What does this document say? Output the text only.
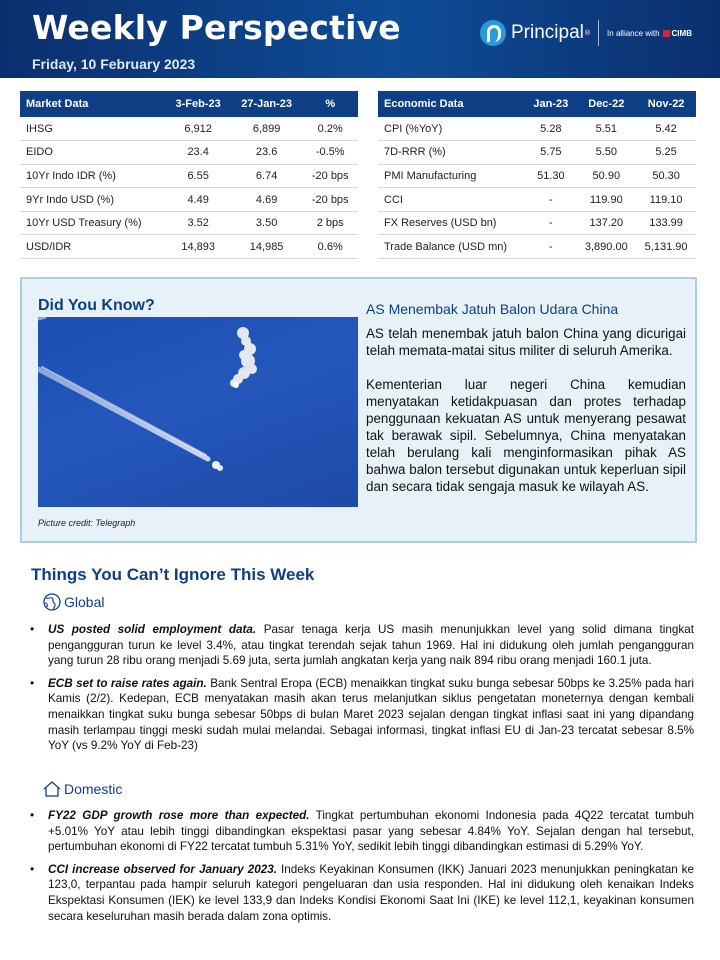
Weekly Perspective
Friday, 10 February 2023
Principal ® In alliance with CIMB
Market Data	3-Feb-23	27-Jan-23	%
IHSG	6,912	6,899	0.2%
EIDO	23.4	23.6	-0.5%
10Yr Indo IDR (%)	6.55	6.74	-20 bps
9Yr Indo USD (%)	4.49	4.69	-20 bps
10Yr USD Treasury (%)	3.52	3.50	2 bps
USD/IDR	14,893	14,985	0.6%
Economic Data	Jan-23	Dec-22	Nov-22
CPI (%YoY)	5.28	5.51	5.42
7D-RRR (%)	5.75	5.50	5.25
PMI Manufacturing	51.30	50.90	50.30
CCI	-	119.90	119.10
FX Reserves (USD bn)	-	137.20	133.99
Trade Balance (USD mn)	-	3,890.00	5,131.90
Did You Know?
Picture credit: Telegraph
AS Menembak Jatuh Balon Udara China

AS telah menembak jatuh balon China yang dicurigai telah memata-matai situs militer di seluruh Amerika.

Kementerian luar negeri China kemudian menyatakan ketidakpuasan dan protes terhadap penggunaan kekuatan AS untuk menyerang pesawat tak berawak sipil. Sebelumnya, China menyatakan telah berulang kali menginformasikan pihak AS bahwa balon tersebut digunakan untuk keperluan sipil dan secara tidak sengaja masuk ke wilayah AS.

Things You Can’t Ignore This Week
Global
• US posted solid employment data. Pasar tenaga kerja US masih menunjukkan level yang solid dimana tingkat pengangguran turun ke level 3.4%, atau tingkat terendah sejak tahun 1969. Hal ini didukung oleh jumlah pengangguran yang turun 28 ribu orang menjadi 5.69 juta, serta jumlah angkatan kerja yang naik 894 ribu orang menjadi 160.1 juta.
• ECB set to raise rates again. Bank Sentral Eropa (ECB) menaikkan tingkat suku bunga sebesar 50bps ke 3.25% pada hari Kamis (2/2). Kedepan, ECB menyatakan masih akan terus melanjutkan siklus pengetatan moneternya dengan kembali menaikkan tingkat suku bunga sebesar 50bps di bulan Maret 2023 sejalan dengan tingkat inflasi saat ini yang dipandang masih terlampau tinggi meski sudah mulai melandai. Sebagai informasi, tingkat inflasi EU di Jan-23 tercatat sebesar 8.5% YoY (vs 9.2% YoY di Feb-23)
Domestic
• FY22 GDP growth rose more than expected. Tingkat pertumbuhan ekonomi Indonesia pada 4Q22 tercatat tumbuh +5.01% YoY atau lebih tinggi dibandingkan ekspektasi pasar yang sebesar 4.84% YoY. Sejalan dengan hal tersebut, pertumbuhan ekonomi di FY22 tercatat tumbuh 5.31% YoY, sedikit lebih tinggi dibandingkan estimasi di 5.29% YoY.
• CCI increase observed for January 2023. Indeks Keyakinan Konsumen (IKK) Januari 2023 menunjukkan peningkatan ke 123,0, terpantau pada hampir seluruh kategori pengeluaran dan usia responden. Hal ini didukung oleh kenaikan Indeks Ekspektasi Konsumen (IEK) ke level 133,9 dan Indeks Kondisi Ekonomi Saat Ini (IKE) ke level 112,1, keyakinan konsumen secara keseluruhan masih berada dalam zona optimis.
